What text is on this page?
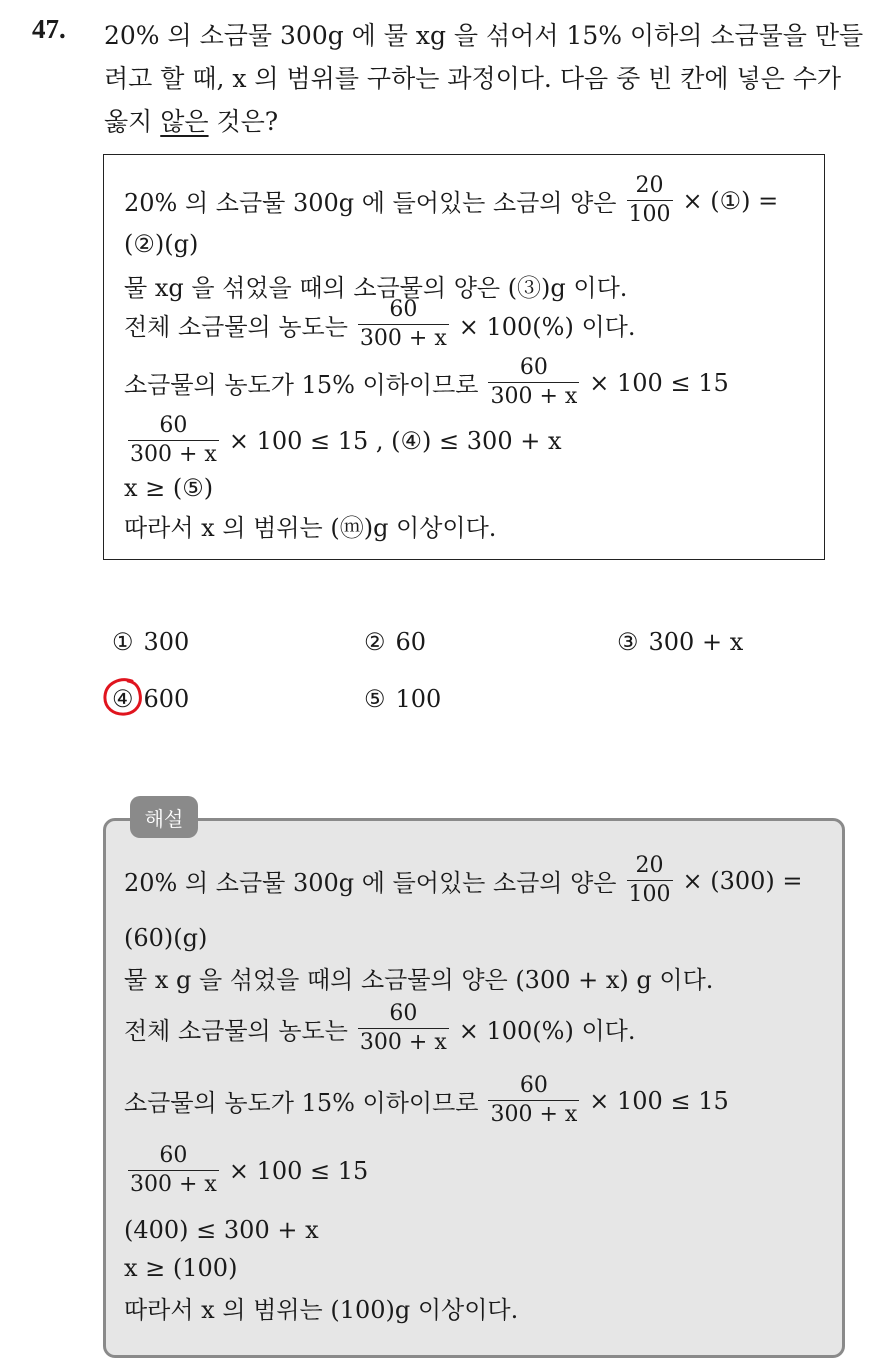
47. 20% 의 소금물 300g 에 물 xg 을 섞어서 15% 이하의 소금물을 만들
려고 할 때, x 의 범위를 구하는 과정이다. 다음 중 빈 칸에 넣은 수가
옳지 않은 것은?
20% 의 소금물 300g 에 들어있는 소금의 양은 $\frac{20}{100}$ × (①) =
(②)(g)
물 xg 을 섞었을 때의 소금물의 양은 (③)g 이다.
전체 소금물의 농도는 $\frac{60}{300 + x} \times 100(\%)$ 이다.
소금물의 농도가 15% 이하이므로 $\frac{60}{300 + x} \times 100 \le 15$
$\frac{60}{300 + x} \times 100 \le 15$ , (④) ≤ 300 + x
x ≥ (⑤)
따라서 x 의 범위는 (ⓜ)g 이상이다.
① 300	② 60	③ 300 + x
④ 600	⑤ 100
해설
20% 의 소금물 300g 에 들어있는 소금의 양은 $\frac{20}{100} \times (300)$ =
(60)(g)
물 x g 을 섞었을 때의 소금물의 양은 (300 + x) g 이다.
전체 소금물의 농도는 $\frac{60}{300 + x} \times 100(\%)$ 이다.
소금물의 농도가 15% 이하이므로 $\frac{60}{300 + x} \times 100 \le 15$
$\frac{60}{300 + x} \times 100 \le 15$
(400) ≤ 300 + x
x ≥ (100)
따라서 x 의 범위는 (100)g 이상이다.
